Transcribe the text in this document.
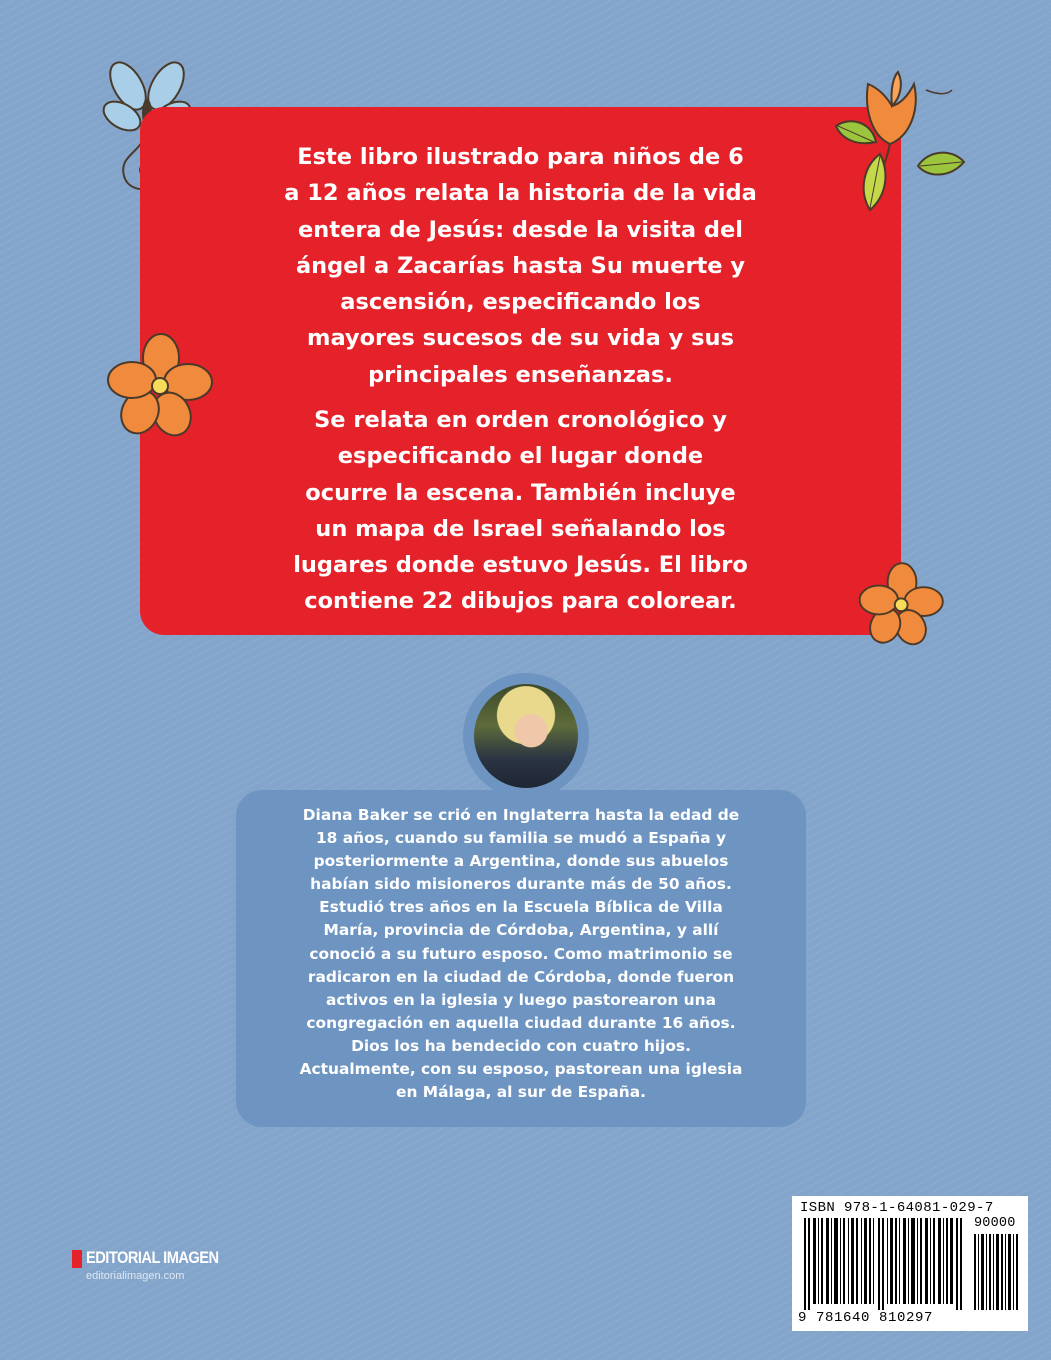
Este libro ilustrado para niños de 6
a 12 años relata la historia de la vida
entera de Jesús: desde la visita del
ángel a Zacarías hasta Su muerte y
ascensión, especificando los
mayores sucesos de su vida y sus
principales enseñanzas.

Se relata en orden cronológico y
especificando el lugar donde
ocurre la escena. También incluye
un mapa de Israel señalando los
lugares donde estuvo Jesús. El libro
contiene 22 dibujos para colorear.

Diana Baker se crió en Inglaterra hasta la edad de
18 años, cuando su familia se mudó a España y
posteriormente a Argentina, donde sus abuelos
habían sido misioneros durante más de 50 años.
Estudió tres años en la Escuela Bíblica de Villa
María, provincia de Córdoba, Argentina, y allí
conoció a su futuro esposo. Como matrimonio se
radicaron en la ciudad de Córdoba, donde fueron
activos en la iglesia y luego pastorearon una
congregación en aquella ciudad durante 16 años.
Dios los ha bendecido con cuatro hijos.
Actualmente, con su esposo, pastorean una iglesia
en Málaga, al sur de España.

EDITORIAL IMAGEN
editorialimagen.com
ISBN 978-1-64081-029-7
90000
9 781640 810297
